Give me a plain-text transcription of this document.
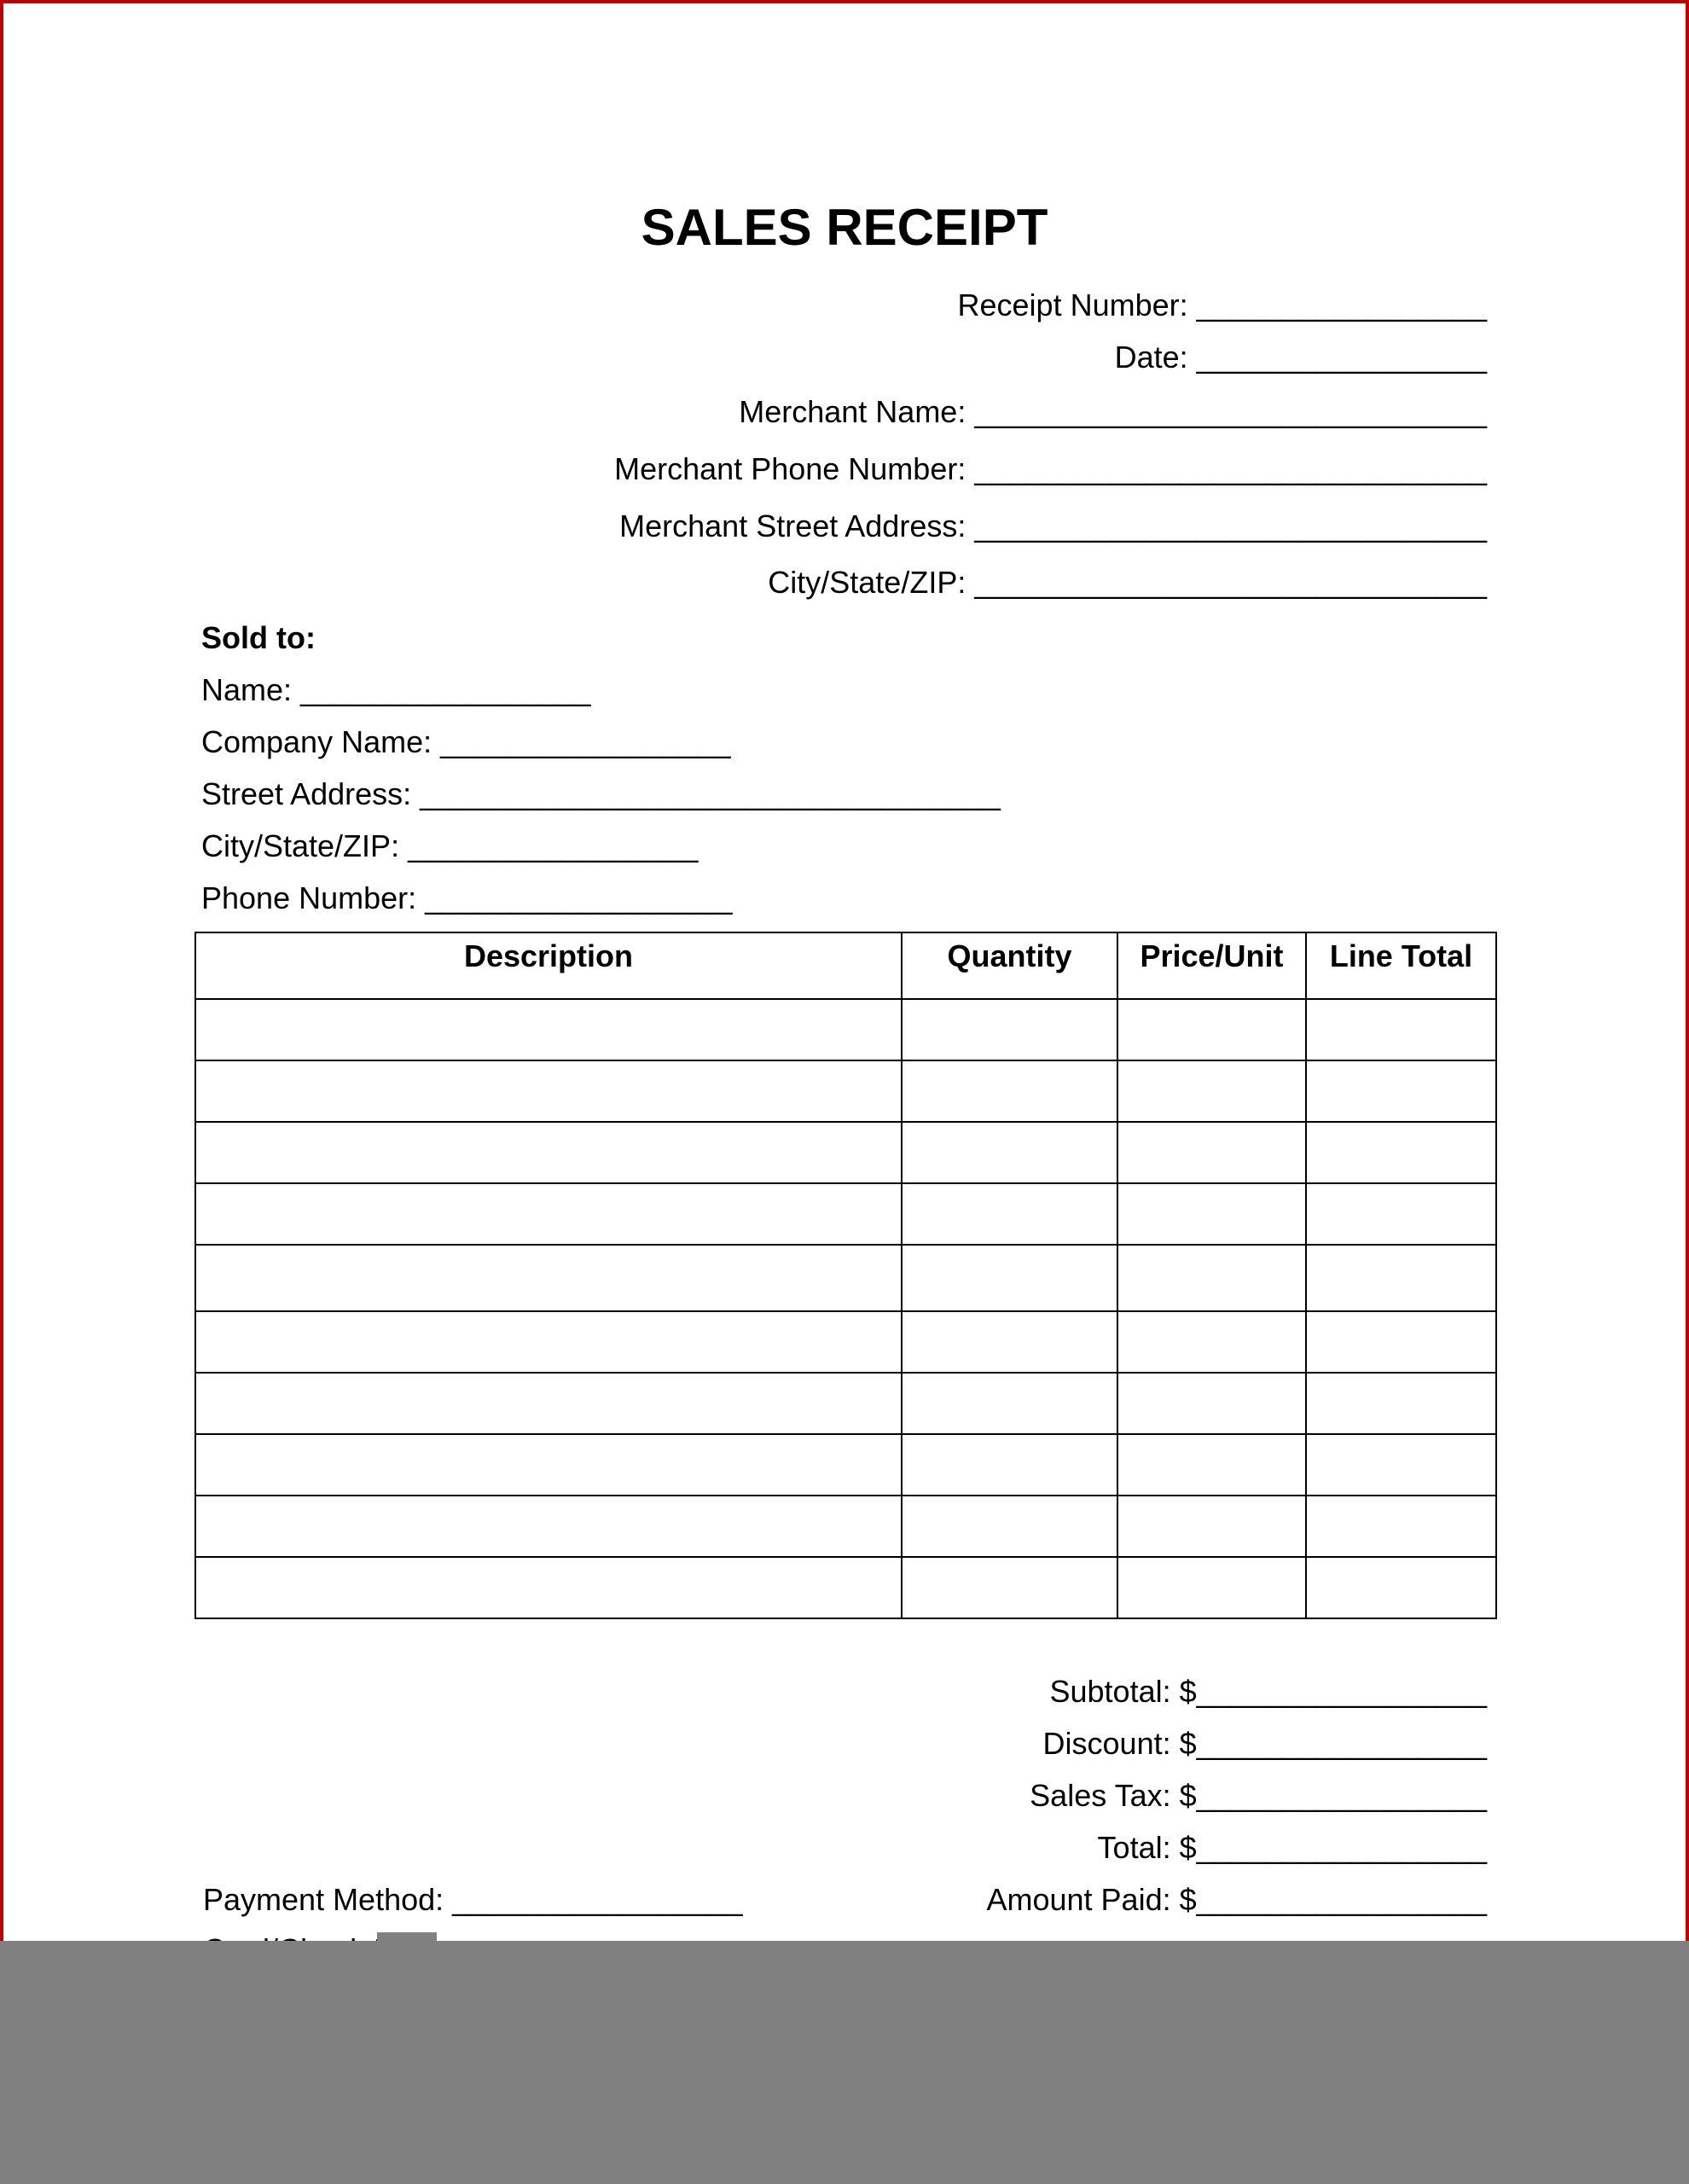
SALES RECEIPT
Receipt Number: _________________
Date: _________________
Merchant Name: ______________________________
Merchant Phone Number: ______________________________
Merchant Street Address: ______________________________
City/State/ZIP: ______________________________
Sold to:
Name: _________________
Company Name: _________________
Street Address: __________________________________
City/State/ZIP: _________________
Phone Number: __________________
Description	Quantity	Price/Unit	Line Total

Subtotal: $_________________
Discount: $_________________
Sales Tax: $_________________
Total: $_________________
Amount Paid: $_________________
Payment Method: _________________
